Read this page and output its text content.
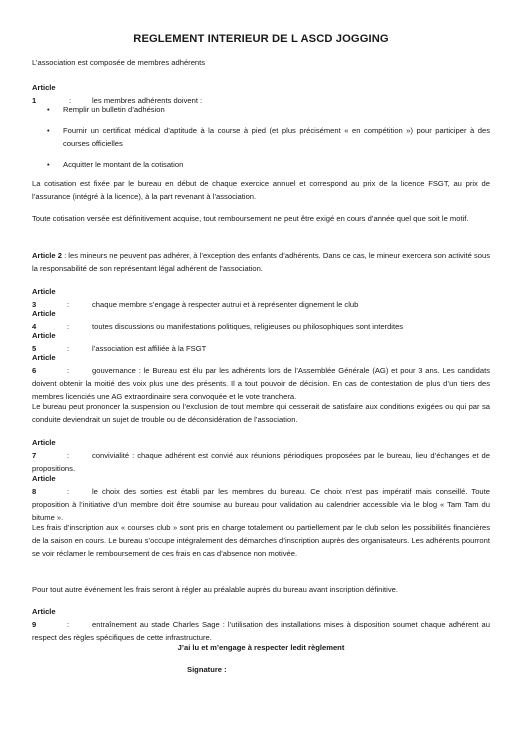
REGLEMENT INTERIEUR DE L ASCD JOGGING
L’association est composée de membres adhérents
Article 1	:	les membres adhérents doivent :
• Remplir un bulletin d’adhésion
• Fournir un certificat médical d’aptitude à la course à pied (et plus précisément « en compétition ») pour participer à des courses officielles
• Acquitter le montant de la cotisation
La cotisation est fixée par le bureau en début de chaque exercice annuel et correspond au prix de la licence FSGT, au prix de l’assurance (intégré à la licence), à la part revenant à l’association.
Toute cotisation versée est définitivement acquise, tout remboursement ne peut être exigé en cours d’année quel que soit le motif.
Article 2 : les mineurs ne peuvent pas adhérer, à l’exception des enfants d’adhérents. Dans ce cas, le mineur exercera son activité sous la responsabilité de son représentant légal adhérent de l’association.
Article 3	:	chaque membre s’engage à respecter autrui et à représenter dignement le club
Article 4	:	toutes discussions ou manifestations politiques, religieuses ou philosophiques sont interdites
Article 5	:	l’association est affiliée à la FSGT
Article 6	:	gouvernance : le Bureau est élu par les adhérents lors de l’Assemblée Générale (AG) et pour 3 ans. Les candidats doivent obtenir la moitié des voix plus une des présents. Il a tout pouvoir de décision. En cas de contestation de plus d’un tiers des membres licenciés une AG extraordinaire sera convoquée et le vote tranchera.
Le bureau peut prononcer la suspension ou l’exclusion de tout membre qui cesserait de satisfaire aux conditions exigées ou qui par sa conduite deviendrait un sujet de trouble ou de déconsidération de l’association.
Article 7	:	convivialité : chaque adhérent est convié aux réunions périodiques proposées par le bureau, lieu d’échanges et de propositions.
Article 8	:	le choix des sorties est établi par les membres du bureau. Ce choix n’est pas impératif mais conseillé. Toute proposition à l’initiative d’un membre doit être soumise au bureau pour validation au calendrier accessible via le blog « Tam Tam du bitume ».
Les frais d’inscription aux « courses club » sont pris en charge totalement ou partiellement par le club selon les possibilités financières de la saison en cours. Le bureau s’occupe intégralement des démarches d’inscription auprès des organisateurs. Les adhérents pourront se voir réclamer le remboursement de ces frais en cas d’absence non motivée.
Pour tout autre événement les frais seront à régler au préalable auprès du bureau avant inscription définitive.
Article 9	:	entraînement au stade Charles Sage : l’utilisation des installations mises à disposition soumet chaque adhérent au respect des règles spécifiques de cette infrastructure.
J’ai lu et m’engage à respecter ledit règlement
Signature :
